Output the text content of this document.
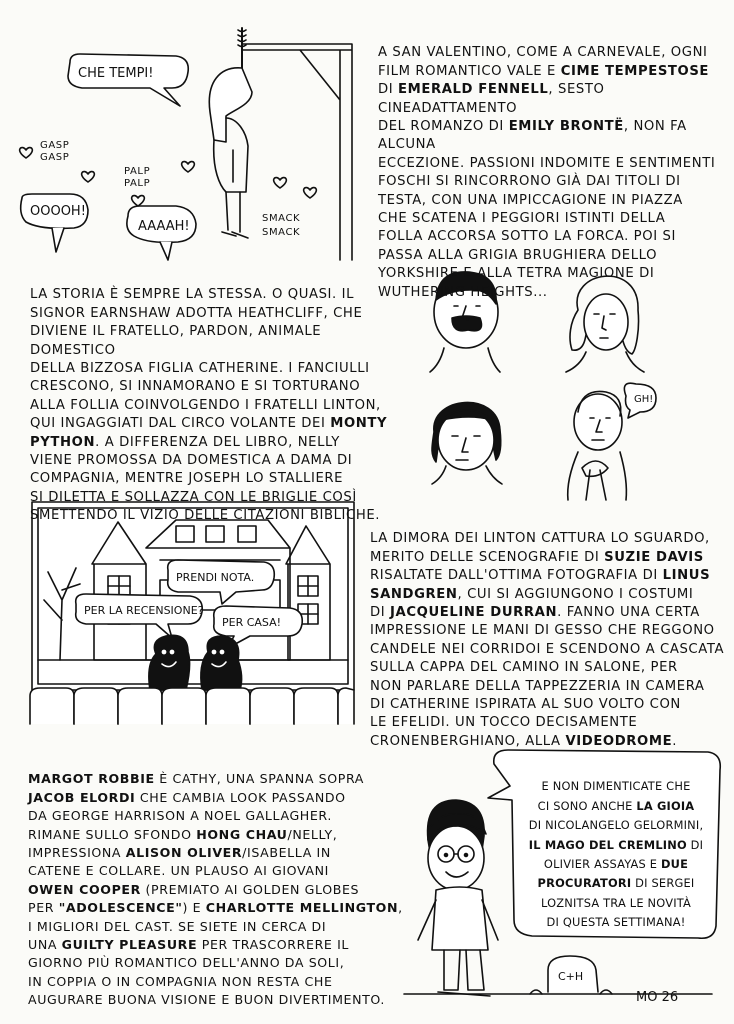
CHE TEMPI!
OOOOH!
AAAAH!
GH!
PRENDI NOTA.
PER LA RECENSIONE?
PER CASA!
C+H
GASP
GASP
PALP
PALP
SMACK
SMACK

A SAN VALENTINO, COME A CARNEVALE, OGNI
FILM ROMANTICO VALE E CIME TEMPESTOSE
DI EMERALD FENNELL, SESTO CINEADATTAMENTO
DEL ROMANZO DI EMILY BRONTË, NON FA ALCUNA
ECCEZIONE. PASSIONI INDOMITE E SENTIMENTI
FOSCHI SI RINCORRONO GIÀ DAI TITOLI DI
TESTA, CON UNA IMPICCAGIONE IN PIAZZA
CHE SCATENA I PEGGIORI ISTINTI DELLA
FOLLA ACCORSA SOTTO LA FORCA. POI SI
PASSA ALLA GRIGIA BRUGHIERA DELLO
YORKSHIRE E ALLA TETRA MAGIONE DI
WUTHERING HEIGHTS...

LA STORIA È SEMPRE LA STESSA. O QUASI. IL
SIGNOR EARNSHAW ADOTTA HEATHCLIFF, CHE
DIVIENE IL FRATELLO, PARDON, ANIMALE DOMESTICO
DELLA BIZZOSA FIGLIA CATHERINE. I FANCIULLI
CRESCONO, SI INNAMORANO E SI TORTURANO
ALLA FOLLIA COINVOLGENDO I FRATELLI LINTON,
QUI INGAGGIATI DAL CIRCO VOLANTE DEI MONTY
PYTHON. A DIFFERENZA DEL LIBRO, NELLY
VIENE PROMOSSA DA DOMESTICA A DAMA DI
COMPAGNIA, MENTRE JOSEPH LO STALLIERE
SI DILETTA E SOLLAZZA CON LE BRIGLIE COSÌ
SMETTENDO IL VIZIO DELLE CITAZIONI BIBLICHE.

LA DIMORA DEI LINTON CATTURA LO SGUARDO,
MERITO DELLE SCENOGRAFIE DI SUZIE DAVIS
RISALTATE DALL'OTTIMA FOTOGRAFIA DI LINUS
SANDGREN, CUI SI AGGIUNGONO I COSTUMI
DI JACQUELINE DURRAN. FANNO UNA CERTA
IMPRESSIONE LE MANI DI GESSO CHE REGGONO
CANDELE NEI CORRIDOI E SCENDONO A CASCATA
SULLA CAPPA DEL CAMINO IN SALONE, PER
NON PARLARE DELLA TAPPEZZERIA IN CAMERA
DI CATHERINE ISPIRATA AL SUO VOLTO CON
LE EFELIDI. UN TOCCO DECISAMENTE
CRONENBERGHIANO, ALLA VIDEODROME.

MARGOT ROBBIE È CATHY, UNA SPANNA SOPRA
JACOB ELORDI CHE CAMBIA LOOK PASSANDO
DA GEORGE HARRISON A NOEL GALLAGHER.
RIMANE SULLO SFONDO HONG CHAU/NELLY,
IMPRESSIONA ALISON OLIVER/ISABELLA IN
CATENE E COLLARE. UN PLAUSO AI GIOVANI
OWEN COOPER (PREMIATO AI GOLDEN GLOBES
PER "ADOLESCENCE") E CHARLOTTE MELLINGTON,
I MIGLIORI DEL CAST. SE SIETE IN CERCA DI
UNA GUILTY PLEASURE PER TRASCORRERE IL
GIORNO PIÙ ROMANTICO DELL'ANNO DA SOLI,
IN COPPIA O IN COMPAGNIA NON RESTA CHE
AUGURARE BUONA VISIONE E BUON DIVERTIMENTO.

E NON DIMENTICATE CHE
CI SONO ANCHE LA GIOIA
DI NICOLANGELO GELORMINI,
IL MAGO DEL CREMLINO DI
OLIVIER ASSAYAS E DUE
PROCURATORI DI SERGEI
LOZNITSA TRA LE NOVITÀ
DI QUESTA SETTIMANA!

MO 26
